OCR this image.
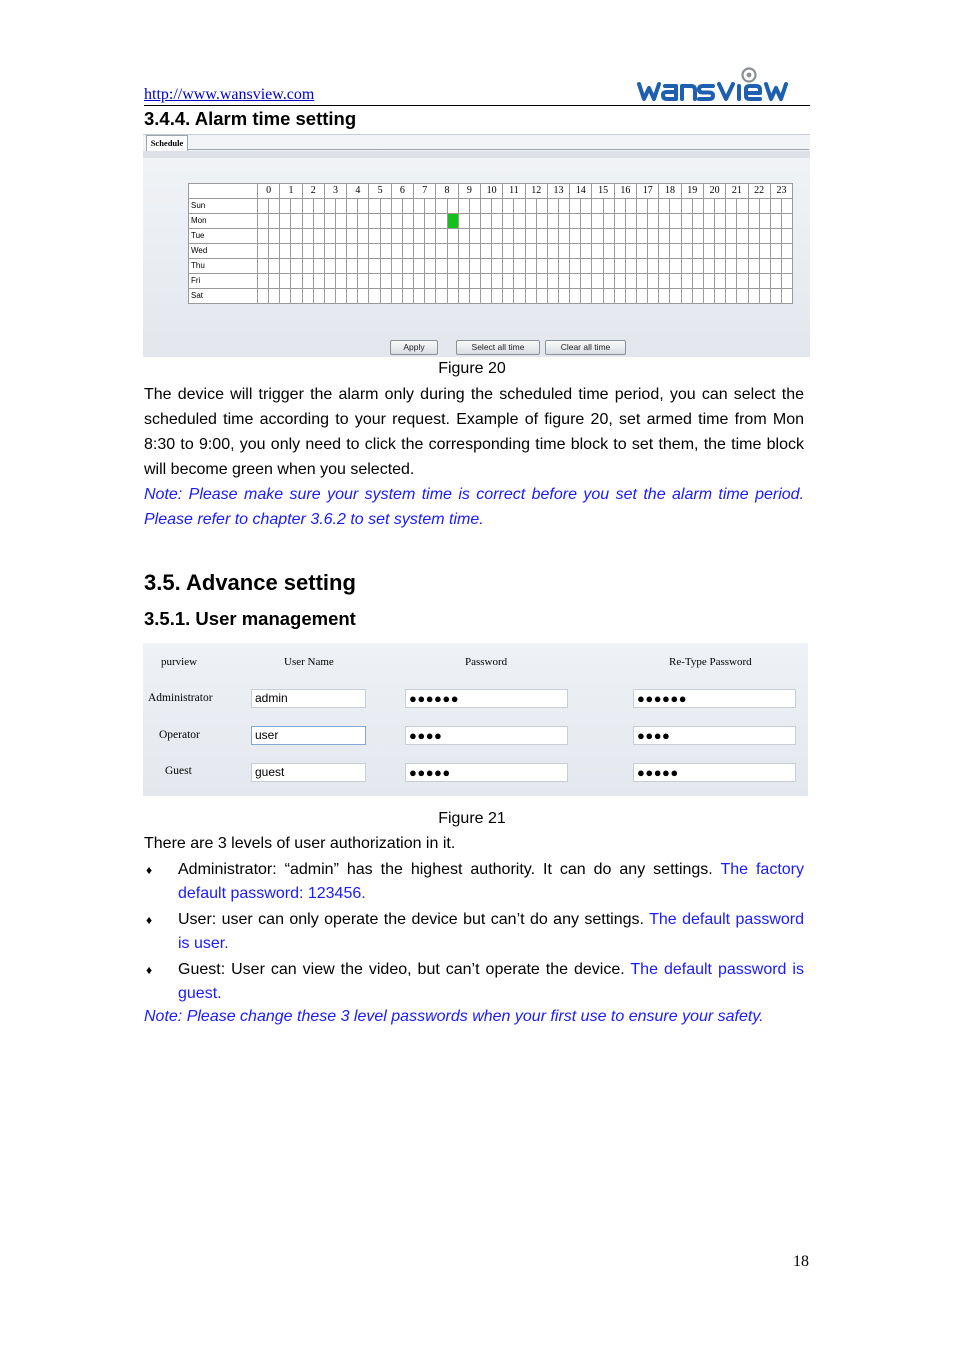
http://www.wansview.com
3.4.4. Alarm time setting
Schedule
	0		1		2		3		4		5		6		7		8		9		10		11		12		13		14		15		16		17		18		19		20		21		22		23	
Sun																																																
Mon																																																
Tue																																																
Wed																																																
Thu																																																
Fri																																																
Sat																																																
Apply	Select all time	Clear all time
Figure 20
The device will trigger the alarm only during the scheduled time period, you can select the scheduled time according to your request. Example of figure 20, set armed time from Mon 8:30 to 9:00, you only need to click the corresponding time block to set them, the time block will become green when you selected.
Note: Please make sure your system time is correct before you set the alarm time period. Please refer to chapter 3.6.2 to set system time.
3.5. Advance setting
3.5.1. User management
purview	User Name	Password	Re-Type Password
Administrator	admin	●●●●●●	●●●●●●
Operator	user	●●●●	●●●●
Guest	guest	●●●●●	●●●●●
Figure 21
There are 3 levels of user authorization in it.
♦ Administrator: “admin” has the highest authority. It can do any settings. The factory default password: 123456.
♦ User: user can only operate the device but can’t do any settings. The default password is user.
♦ Guest: User can view the video, but can’t operate the device. The default password is guest.
Note: Please change these 3 level passwords when your first use to ensure your safety.
18
